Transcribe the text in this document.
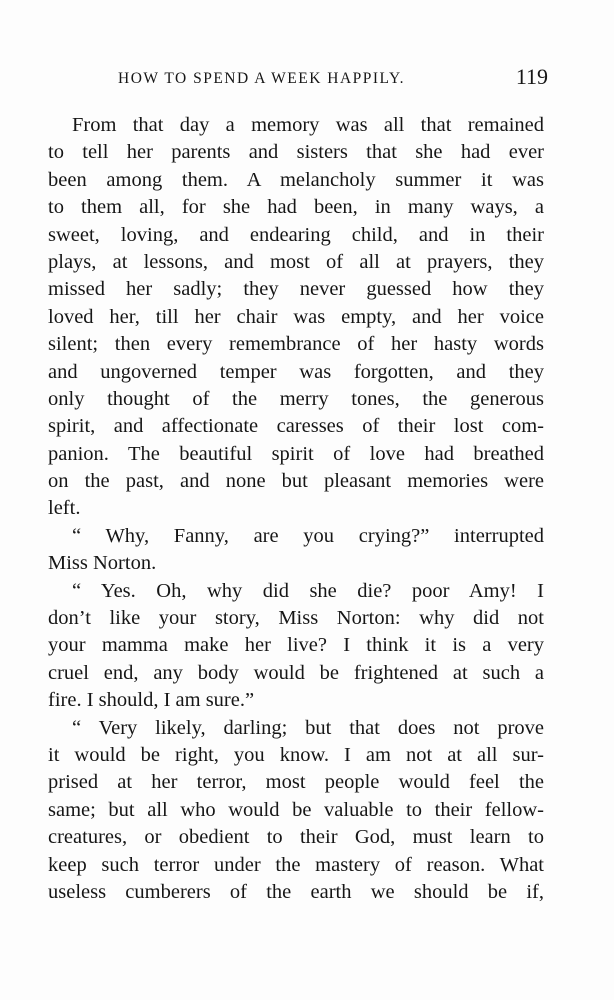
HOW TO SPEND A WEEK HAPPILY.	119
From that day a memory was all that remained
to tell her parents and sisters that she had ever
been among them. A melancholy summer it was
to them all, for she had been, in many ways, a
sweet, loving, and endearing child, and in their
plays, at lessons, and most of all at prayers, they
missed her sadly; they never guessed how they
loved her, till her chair was empty, and her voice
silent; then every remembrance of her hasty words
and ungoverned temper was forgotten, and they
only thought of the merry tones, the generous
spirit, and affectionate caresses of their lost com-
panion. The beautiful spirit of love had breathed
on the past, and none but pleasant memories were
left.
“ Why, Fanny, are you crying?” interrupted
Miss Norton.
“ Yes. Oh, why did she die? poor Amy! I
don’t like your story, Miss Norton: why did not
your mamma make her live? I think it is a very
cruel end, any body would be frightened at such a
fire. I should, I am sure.”
“ Very likely, darling; but that does not prove
it would be right, you know. I am not at all sur-
prised at her terror, most people would feel the
same; but all who would be valuable to their fellow-
creatures, or obedient to their God, must learn to
keep such terror under the mastery of reason. What
useless cumberers of the earth we should be if,
